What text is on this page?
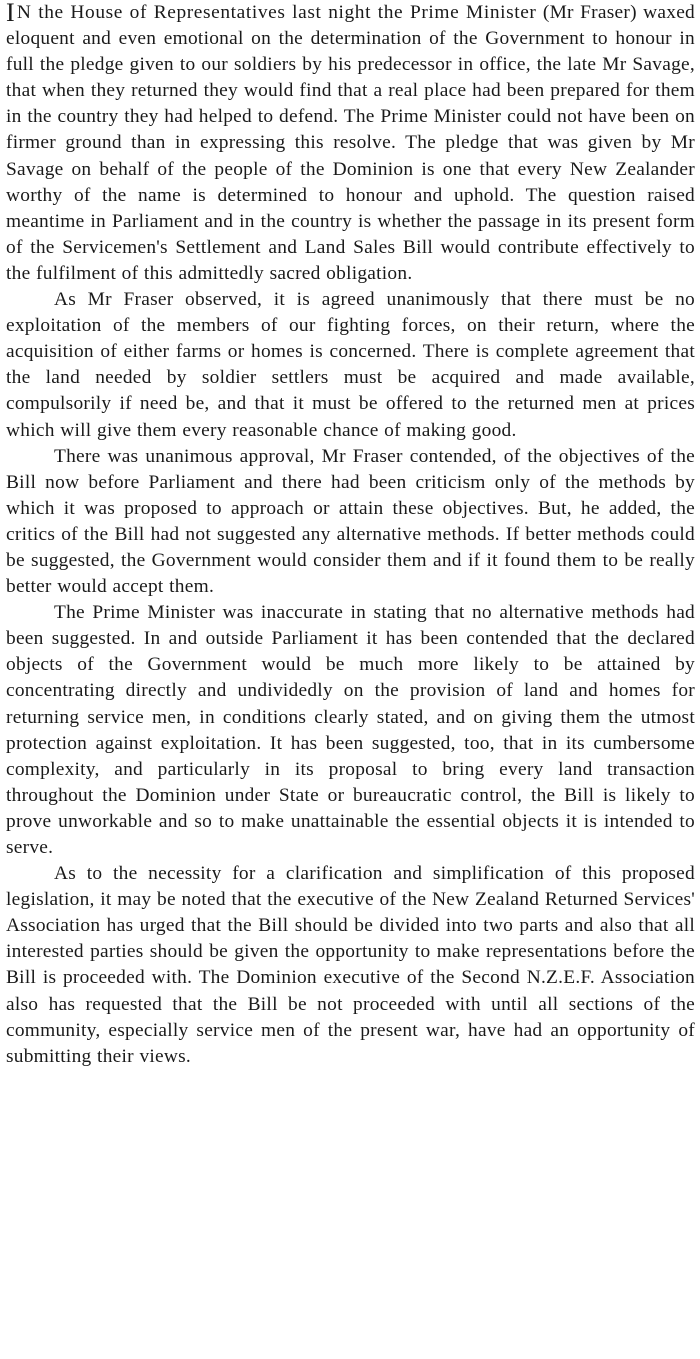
I N the House of Representatives last night the Prime Minister (Mr Fraser) waxed eloquent and even emotional on the determination of the Government to honour in full the pledge given to our soldiers by his predecessor in office, the late Mr Savage, that when they returned they would find that a real place had been prepared for them in the country they had helped to defend. The Prime Minister could not have been on firmer ground than in expressing this resolve. The pledge that was given by Mr Savage on behalf of the people of the Dominion is one that every New Zealander worthy of the name is determined to honour and uphold. The question raised meantime in Parliament and in the country is whether the passage in its present form of the Servicemen's Settlement and Land Sales Bill would contribute effectively to the fulfilment of this admittedly sacred obligation.

As Mr Fraser observed, it is agreed unanimously that there must be no exploitation of the members of our fighting forces, on their return, where the acquisition of either farms or homes is concerned. There is complete agreement that the land needed by soldier settlers must be acquired and made available, compulsorily if need be, and that it must be offered to the returned men at prices which will give them every reasonable chance of making good.

There was unanimous approval, Mr Fraser contended, of the objectives of the Bill now before Parliament and there had been criticism only of the methods by which it was proposed to approach or attain these objectives. But, he added, the critics of the Bill had not suggested any alternative methods. If better methods could be suggested, the Government would consider them and if it found them to be really better would accept them.

The Prime Minister was inaccurate in stating that no alternative methods had been suggested. In and outside Parliament it has been contended that the declared objects of the Government would be much more likely to be attained by concentrating directly and undividedly on the provision of land and homes for returning service men, in conditions clearly stated, and on giving them the utmost protection against exploitation. It has been suggested, too, that in its cumbersome complexity, and particularly in its proposal to bring every land transaction throughout the Dominion under State or bureaucratic control, the Bill is likely to prove unworkable and so to make unattainable the essential objects it is intended to serve.

As to the necessity for a clarification and simplification of this proposed legislation, it may be noted that the executive of the New Zealand Returned Services' Association has urged that the Bill should be divided into two parts and also that all interested parties should be given the opportunity to make representations before the Bill is proceeded with. The Dominion executive of the Second N.Z.E.F. Association also has requested that the Bill be not proceeded with until all sections of the community, especially service men of the present war, have had an opportunity of submitting their views.
